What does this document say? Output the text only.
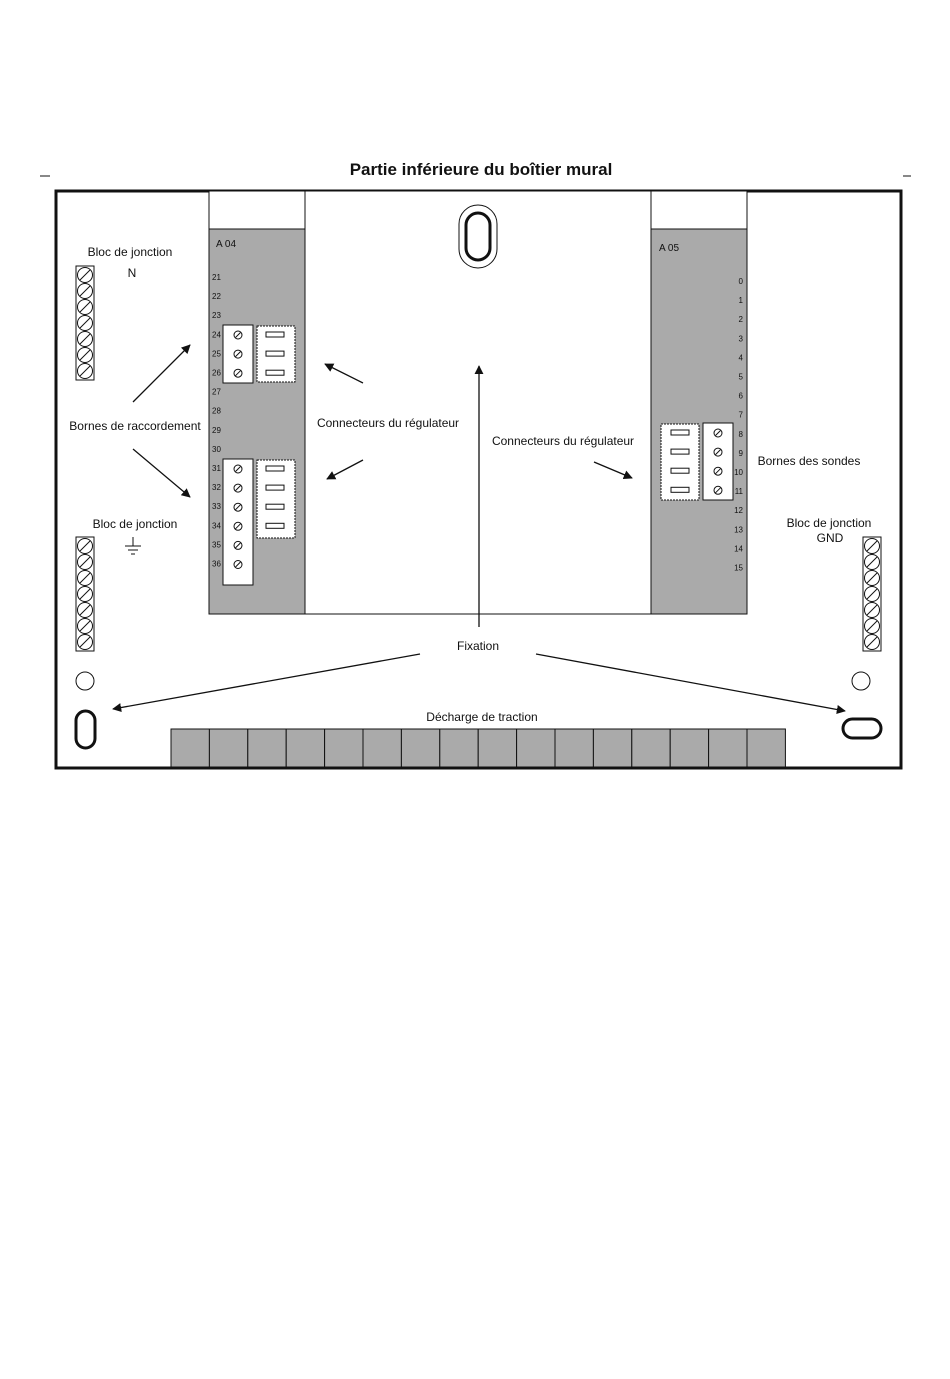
Partie inférieure du boîtier mural
A 04
21
22
23
24
25
26
27
28
29
30
31
32
33
34
35
36
A 05
0
1
2
3
4
5
6
7
8
9
10
11
12
13
14
15
Bloc de jonction
N
Bornes de raccordement
Bloc de jonction
Connecteurs du régulateur
Connecteurs du régulateur
Bornes des sondes
Bloc de jonction
GND
Fixation
Décharge de traction
